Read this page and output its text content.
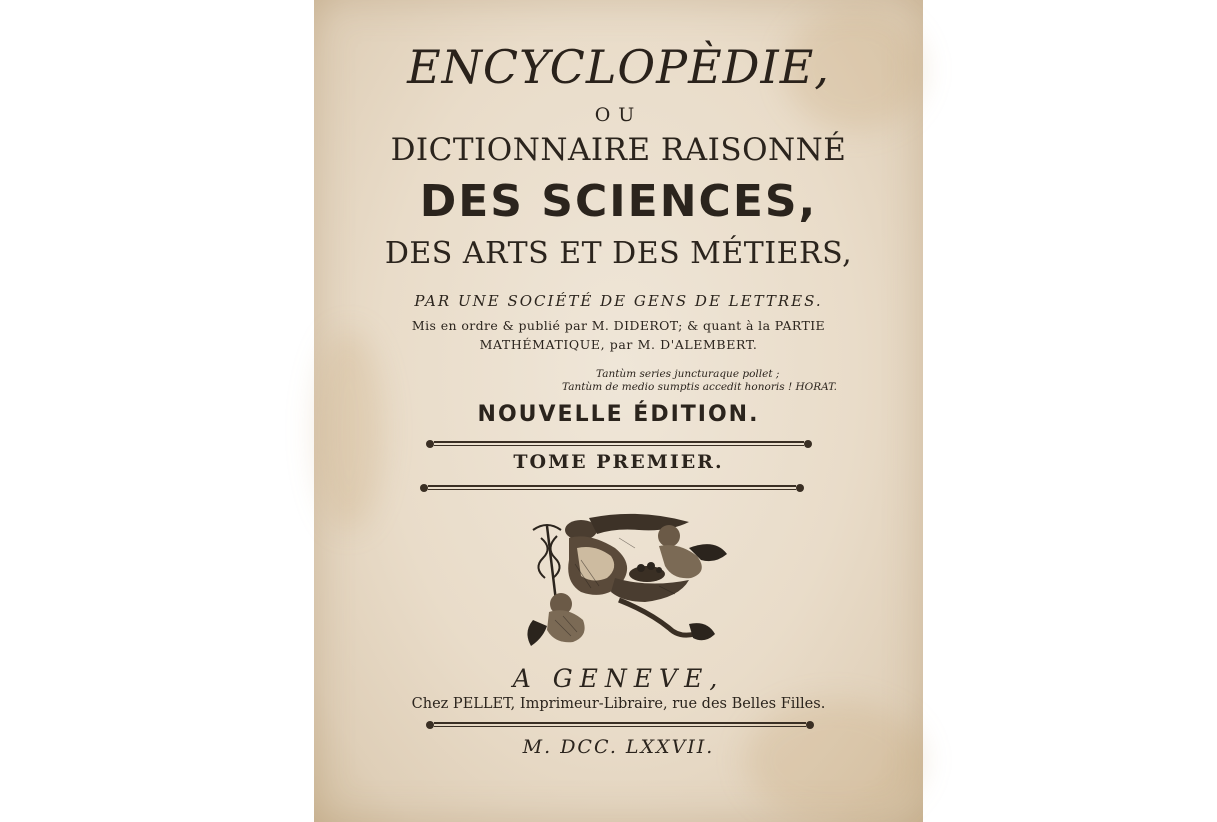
ENCYCLOPÈDIE,
OU
DICTIONNAIRE RAISONNÉ
DES SCIENCES,
DES ARTS ET DES MÉTIERS,
PAR UNE SOCIÉTÉ DE GENS DE LETTRES.
Mis en ordre & publié par M. DIDEROT; & quant à la PARTIE
MATHÉMATIQUE, par M. D'ALEMBERT.
Tantùm series juncturaque pollet ;
Tantùm de medio sumptis accedit honoris ! HORAT.
NOUVELLE ÉDITION.
TOME PREMIER.
A GENEVE,
Chez PELLET, Imprimeur-Libraire, rue des Belles Filles.
M. DCC. LXXVII.
